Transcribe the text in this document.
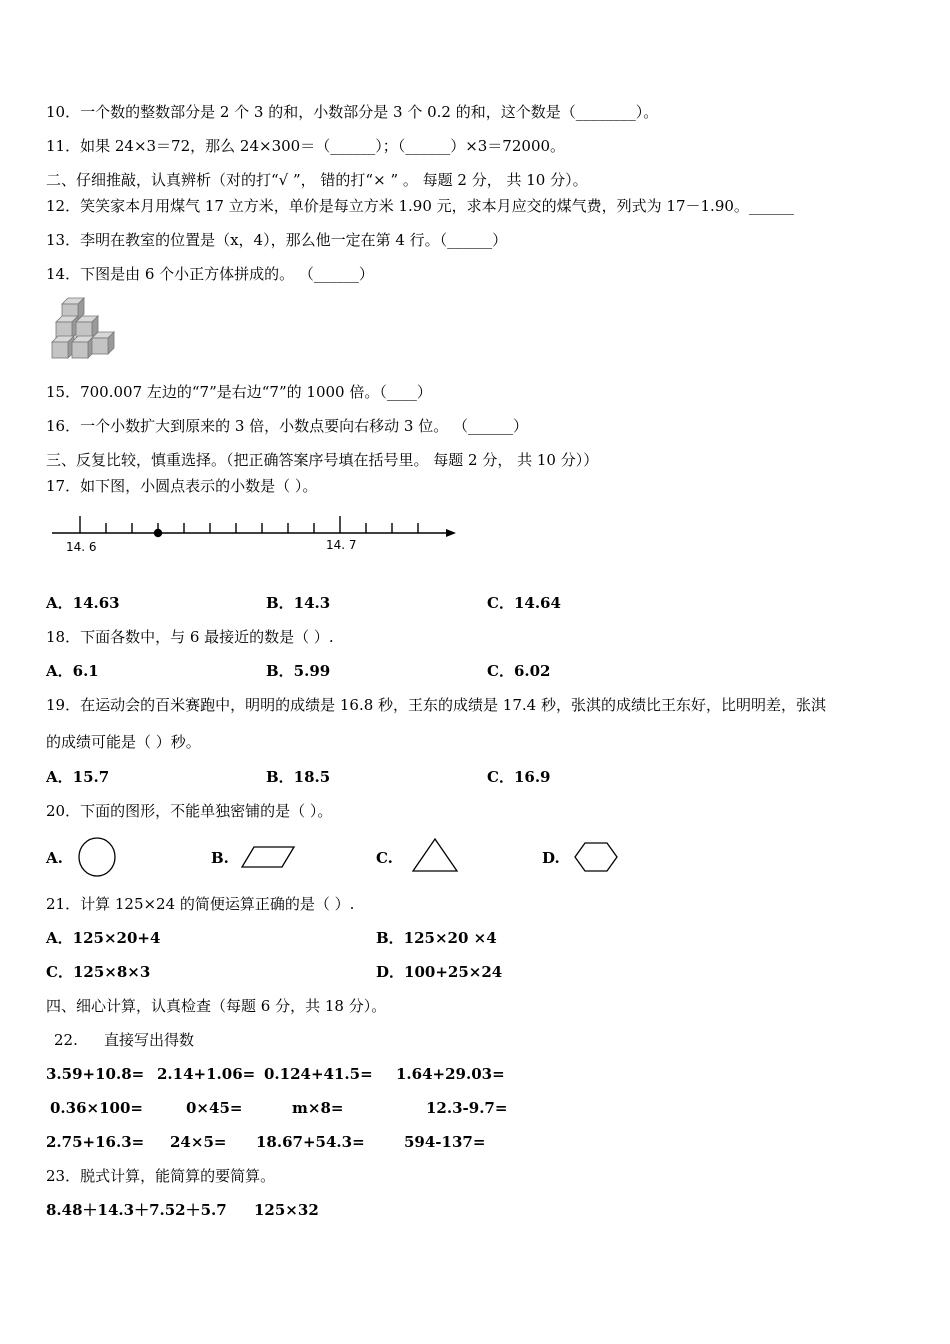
10．一个数的整数部分是 2 个 3 的和，小数部分是 3 个 0.2 的和，这个数是（________）。
11．如果 24×3＝72，那么 24×300＝（______）；（______）×3＝72000。
二、仔细推敲，认真辨析（对的打“√ ”， 错的打“× ” 。 每题 2 分， 共 10 分）。
12．笑笑家本月用煤气 17 立方米，单价是每立方米 1.90 元，求本月应交的煤气费，列式为 17－1.90。______
13．李明在教室的位置是（x，4），那么他一定在第 4 行。（______）
14．下图是由 6 个小正方体拼成的。 （______）
15．700.007 左边的“7”是右边“7”的 1000 倍。（____）
16．一个小数扩大到原来的 3 倍，小数点要向右移动 3 位。 （______）
三、反复比较，慎重选择。（把正确答案序号填在括号里。 每题 2 分， 共 10 分））
17．如下图，小圆点表示的小数是（ ）。
14. 6	14. 7
A．14.63	B．14.3	C．14.64
18．下面各数中，与 6 最接近的数是（ ）.
A．6.1	B．5.99	C．6.02
19．在运动会的百米赛跑中，明明的成绩是 16.8 秒，王东的成绩是 17.4 秒，张淇的成绩比王东好，比明明差，张淇
的成绩可能是（ ）秒。
A．15.7	B．18.5	C．16.9
20．下面的图形，不能单独密铺的是（ ）。
A.	B.	C.	D.
21．计算 125×24 的简便运算正确的是（ ）.
A．125×20+4	B．125×20 ×4
C．125×8×3	D．100+25×24
四、细心计算，认真检查（每题 6 分，共 18 分）。
22. 直接写出得数
3.59+10.8= 2.14+1.06= 0.124+41.5= 1.64+29.03=
0.36×100=	0×45=	m×8=	12.3-9.7=
2.75+16.3= 24×5= 18.67+54.3=	594-137=
23．脱式计算，能简算的要简算。
8.48＋14.3＋7.52＋5.7 125×32
